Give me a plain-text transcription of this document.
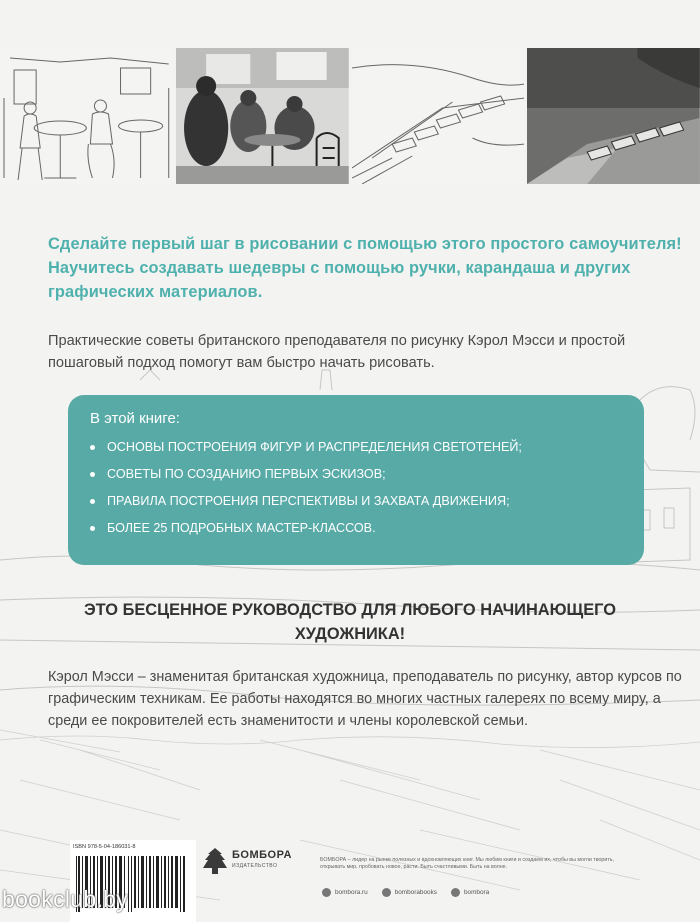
Сделайте первый шаг в рисовании с помощью этого простого самоучителя! Научитесь создавать шедевры с помощью ручки, карандаша и других графических материалов.

Практические советы британского преподавателя по рисунку Кэрол Мэсси и простой пошаговый подход помогут вам быстро начать рисовать.

В этой книге:
ОСНОВЫ ПОСТРОЕНИЯ ФИГУР И РАСПРЕДЕЛЕНИЯ СВЕТОТЕНЕЙ;
СОВЕТЫ ПО СОЗДАНИЮ ПЕРВЫХ ЭСКИЗОВ;
ПРАВИЛА ПОСТРОЕНИЯ ПЕРСПЕКТИВЫ И ЗАХВАТА ДВИЖЕНИЯ;
БОЛЕЕ 25 ПОДРОБНЫХ МАСТЕР-КЛАССОВ.

ЭТО БЕСЦЕННОЕ РУКОВОДСТВО ДЛЯ ЛЮБОГО НАЧИНАЮЩЕГО ХУДОЖНИКА!

Кэрол Мэсси – знаменитая британская художница, преподаватель по рисунку, автор курсов по графическим техникам. Ее работы находятся во многих частных галереях по всему миру, а среди ее покровителей есть знаменитости и члены королевской семьи.

ISBN 978-5-04-186031-8
БОМБОРА
ИЗДАТЕЛЬСТВО

БОМБОРА – лидер на рынке полезных и вдохновляющих книг. Мы любим книги и создаем их, чтобы вы могли творить, открывать мир, пробовать новое, расти. Быть счастливыми. Быть на волне.

bombora.ru	bomborabooks	bombora
bookclub.by
